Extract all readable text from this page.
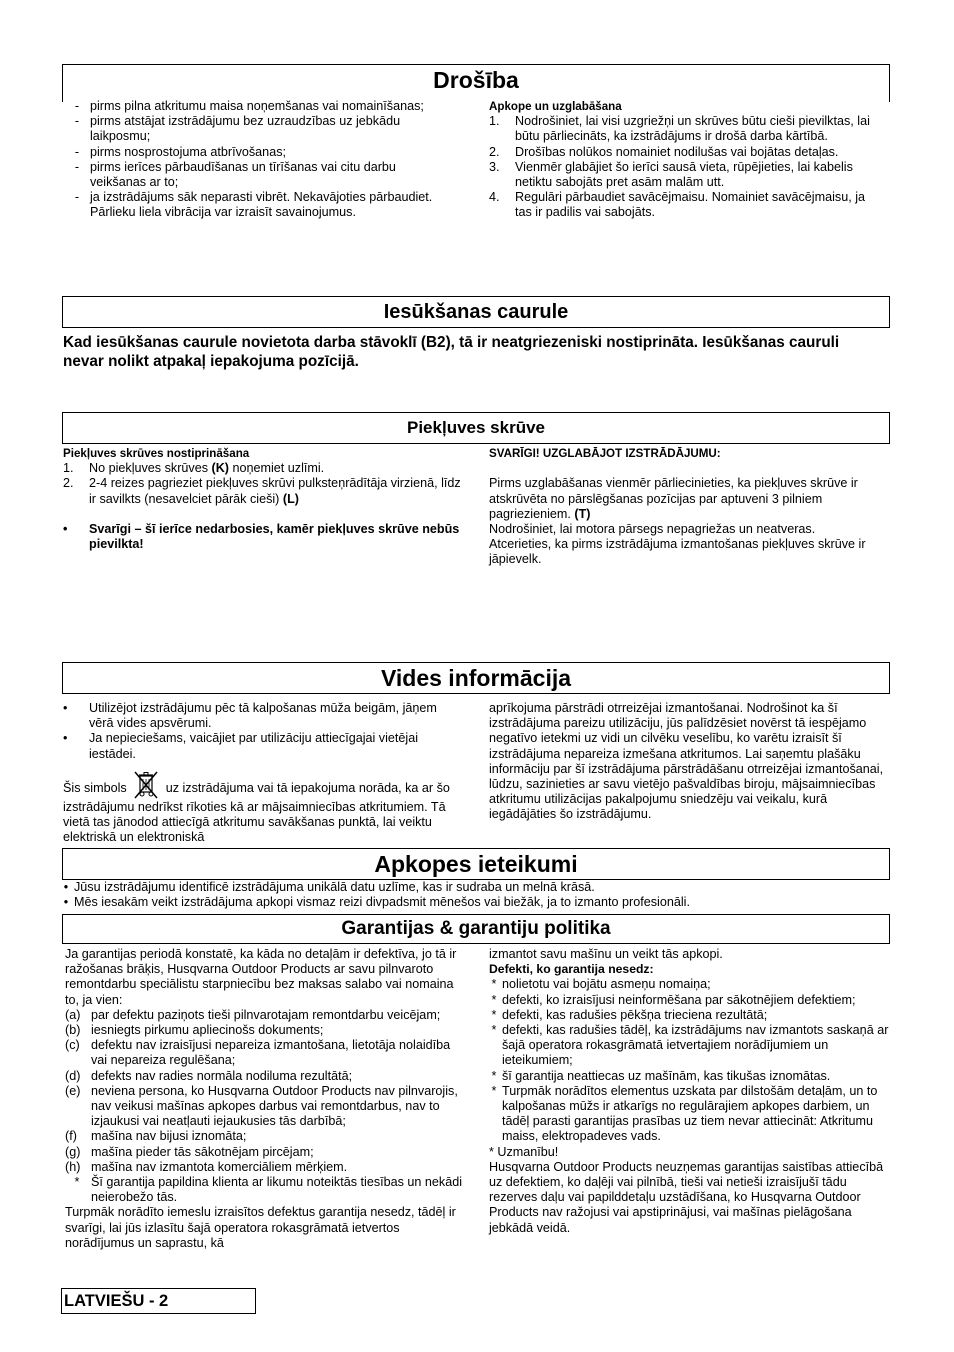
Drošība
- pirms pilna atkritumu maisa noņemšanas vai nomainīšanas;
- pirms atstājat izstrādājumu bez uzraudzības uz jebkādu laikposmu;
- pirms nosprostojuma atbrīvošanas;
- pirms ierīces pārbaudīšanas un tīrīšanas vai citu darbu veikšanas ar to;
- ja izstrādājums sāk neparasti vibrēt. Nekavājoties pārbaudiet. Pārlieku liela vibrācija var izraisīt savainojumus.
Apkope un uzglabāšana
1.	Nodrošiniet, lai visi uzgriežņi un skrūves būtu cieši pievilktas, lai būtu pārliecināts, ka izstrādājums ir drošā darba kārtībā.
2.	Drošības nolūkos nomainiet nodilušas vai bojātas detaļas.
3.	Vienmēr glabājiet šo ierīci sausā vieta, rūpējieties, lai kabelis netiktu sabojāts pret asām malām utt.
4.	Regulāri pārbaudiet savācējmaisu. Nomainiet savācējmaisu, ja tas ir padilis vai sabojāts.
Iesūkšanas caurule
Kad iesūkšanas caurule novietota darba stāvoklī (B2), tā ir neatgriezeniski nostiprināta. Iesūkšanas cauruli nevar nolikt atpakaļ iepakojuma pozīcijā.
Piekļuves skrūve
Piekļuves skrūves nostiprināšana
1.	No piekļuves skrūves (K) noņemiet uzlīmi.
2.	2-4 reizes pagrieziet piekļuves skrūvi pulksteņrādītāja virzienā, līdz ir savilkts (nesavelciet pārāk cieši) (L)
•	Svarīgi – šī ierīce nedarbosies, kamēr piekļuves skrūve nebūs pievilkta!
SVARĪGI! UZGLABĀJOT IZSTRĀDĀJUMU:
Pirms uzglabāšanas vienmēr pārliecinieties, ka piekļuves skrūve ir
atskrūvēta no pārslēgšanas pozīcijas par aptuveni 3 pilniem pagriezieniem. (T)
Nodrošiniet, lai motora pārsegs nepagriežas un neatveras.
Atcerieties, ka pirms izstrādājuma izmantošanas piekļuves skrūve ir jāpievelk.
Vides informācija
•	Utilizējot izstrādājumu pēc tā kalpošanas mūža beigām, jāņem vērā vides apsvērumi.
•	Ja nepieciešams, vaicājiet par utilizāciju attiecīgajai vietējai iestādei.
Šis simbols	uz izstrādājuma vai tā iepakojuma norāda, ka ar šo izstrādājumu nedrīkst rīkoties kā ar mājsaimniecības atkritumiem. Tā vietā tas jānodod attiecīgā atkritumu savākšanas punktā, lai veiktu elektriskā un elektroniskā
aprīkojuma pārstrādi otrreizējai izmantošanai. Nodrošinot ka šī izstrādājuma pareizu utilizāciju, jūs palīdzēsiet novērst tā iespējamo negatīvo ietekmi uz vidi un cilvēku veselību, ko varētu izraisīt šī izstrādājuma nepareiza izmešana atkritumos. Lai saņemtu plašāku informāciju par šī izstrādājuma pārstrādāšanu otrreizējai izmantošanai, lūdzu, sazinieties ar savu vietējo pašvaldības biroju, mājsaimniecības atkritumu utilizācijas pakalpojumu sniedzēju vai veikalu, kurā iegādājāties šo izstrādājumu.
Apkopes ieteikumi
• Jūsu izstrādājumu identificē izstrādājuma unikālā datu uzlīme, kas ir sudraba un melnā krāsā.
• Mēs iesakām veikt izstrādājuma apkopi vismaz reizi divpadsmit mēnešos vai biežāk, ja to izmanto profesionāli.
Garantijas & garantiju politika
Ja garantijas periodā konstatē, ka kāda no detaļām ir defektīva, jo tā ir ražošanas brāķis, Husqvarna Outdoor Products ar savu pilnvaroto remontdarbu speciālistu starpniecību bez maksas salabo vai nomaina to, ja vien:
(a) par defektu paziņots tieši pilnvarotajam remontdarbu veicējam;
(b) iesniegts pirkumu apliecinošs dokuments;
(c) defektu nav izraisījusi nepareiza izmantošana, lietotāja nolaidība vai nepareiza regulēšana;
(d) defekts nav radies normāla nodiluma rezultātā;
(e) neviena persona, ko Husqvarna Outdoor Products nav pilnvarojis, nav veikusi mašīnas apkopes darbus vai remontdarbus, nav to izjaukusi vai neatļauti iejaukusies tās darbībā;
(f)	mašīna nav bijusi iznomāta;
(g) mašīna pieder tās sākotnējam pircējam;
(h) mašīna nav izmantota komerciāliem mērķiem.
* Šī garantija papildina klienta ar likumu noteiktās tiesības un nekādi neierobežo tās.
Turpmāk norādīto iemeslu izraisītos defektus garantija nesedz, tādēļ ir svarīgi, lai jūs izlasītu šajā operatora rokasgrāmatā ietvertos norādījumus un saprastu, kā
izmantot savu mašīnu un veikt tās apkopi.
Defekti, ko garantija nesedz:
* nolietotu vai bojātu asmeņu nomaiņa;
* defekti, ko izraisījusi neinformēšana par sākotnējiem defektiem;
* defekti, kas radušies pēkšņa trieciena rezultātā;
* defekti, kas radušies tādēļ, ka izstrādājums nav izmantots saskaņā ar šajā operatora rokasgrāmatā ietvertajiem norādījumiem un ieteikumiem;
* šī garantija neattiecas uz mašīnām, kas tikušas iznomātas.
* Turpmāk norādītos elementus uzskata par dilstošām detaļām, un to kalpošanas mūžs ir atkarīgs no regulārajiem apkopes darbiem, un tādēļ parasti garantijas prasības uz tiem nevar attiecināt: Atkritumu maiss, elektropadeves vads.
* Uzmanību!
Husqvarna Outdoor Products neuzņemas garantijas saistības attiecībā uz defektiem, ko daļēji vai pilnībā, tieši vai netieši izraisījušī tādu rezerves daļu vai papilddetaļu uzstādīšana, ko Husqvarna Outdoor Products nav ražojusi vai apstiprinājusi, vai mašīnas pielāgošana jebkādā veidā.
LATVIEŠU - 2
